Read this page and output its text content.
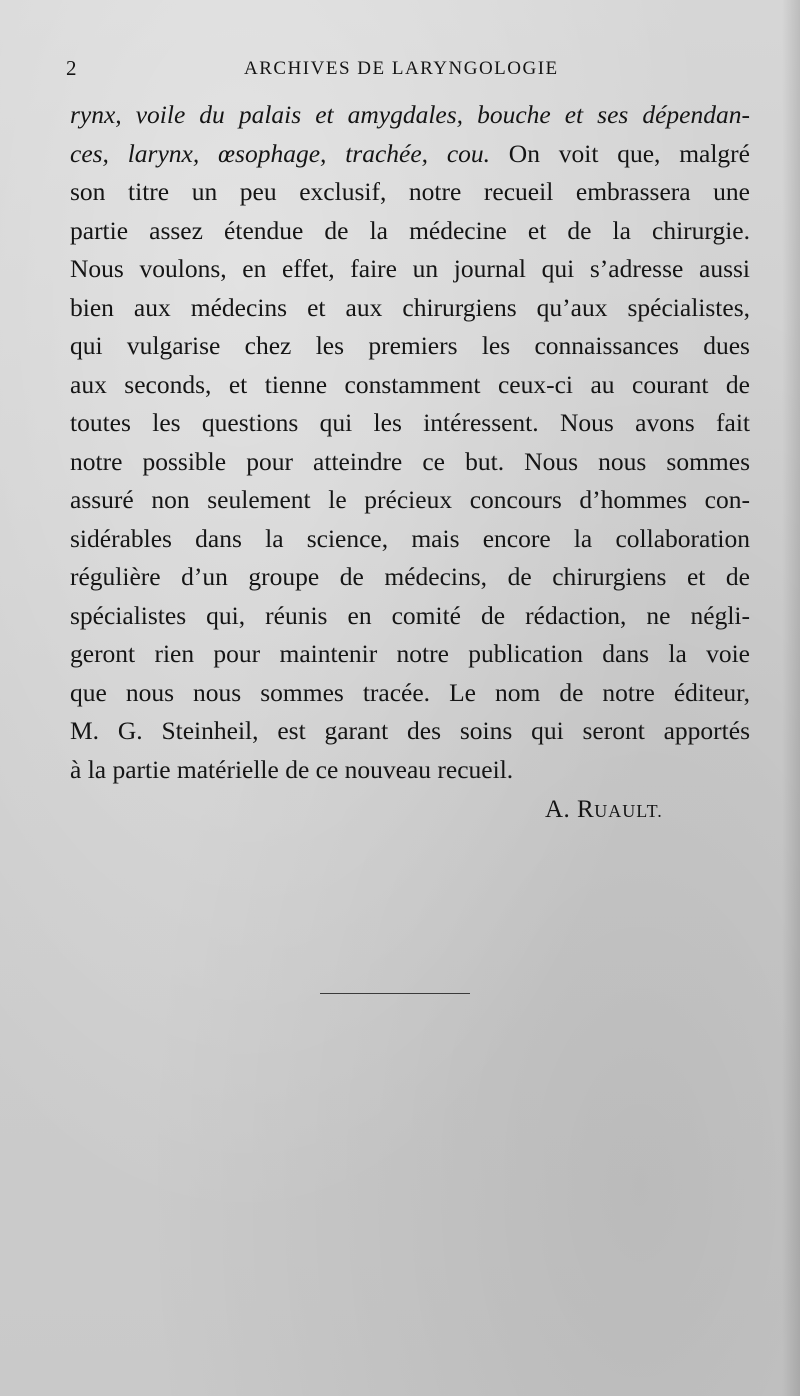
2	ARCHIVES DE LARYNGOLOGIE
rynx, voile du palais et amygdales, bouche et ses dépendan-
ces, larynx, œsophage, trachée, cou. On voit que, malgré
son titre un peu exclusif, notre recueil embrassera une
partie assez étendue de la médecine et de la chirurgie.
Nous voulons, en effet, faire un journal qui s’adresse aussi
bien aux médecins et aux chirurgiens qu’aux spécialistes,
qui vulgarise chez les premiers les connaissances dues
aux seconds, et tienne constamment ceux-ci au courant de
toutes les questions qui les intéressent. Nous avons fait
notre possible pour atteindre ce but. Nous nous sommes
assuré non seulement le précieux concours d’hommes con-
sidérables dans la science, mais encore la collaboration
régulière d’un groupe de médecins, de chirurgiens et de
spécialistes qui, réunis en comité de rédaction, ne négli-
geront rien pour maintenir notre publication dans la voie
que nous nous sommes tracée. Le nom de notre éditeur,
M. G. Steinheil, est garant des soins qui seront apportés
à la partie matérielle de ce nouveau recueil.
A. RUAULT.
